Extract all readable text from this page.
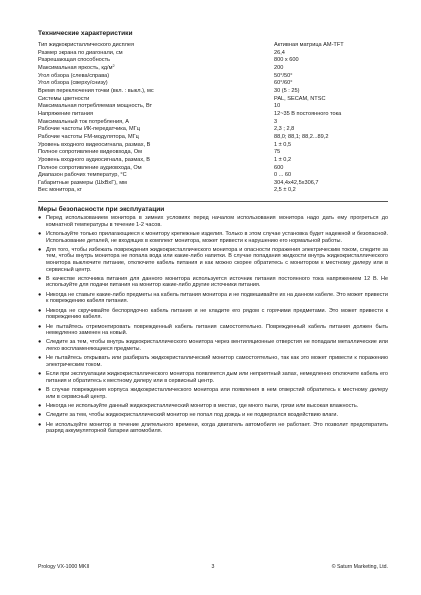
Технические характеристики

Тип жидкокристаллического дисплея	Активная матрица AM-TFT
Размер экрана по диагонали, см	26,4
Разрешающая способность	800 x 600
Максимальная яркость, $кд/м^2$	200
Угол обзора (слева/справа)	50°/50°
Угол обзора (сверху/снизу)	60°/60°
Время переключения точки (вкл. : выкл.), мс	30 (5 : 25)
Системы цветности	PAL, SECAM, NTSC
Максимальная потребляемая мощность, Вт	10
Напряжение питания	12~35 В постоянного тока
Максимальный ток потребления, А	3
Рабочие частоты ИК-передатчика, МГц	2,3 ; 2,8
Рабочие частоты FM-модулятора, МГц	88,0; 88,1; 88,2...89,2
Уровень входного видеосигнала, размах, В	1 ± 0,5
Полное сопротивление видеовхода, Ом	75
Уровень входного аудиосигнала, размах, В	1 ± 0,2
Полное сопротивление аудиовхода, Ом	600
Диапазон рабочих температур, °С	0 ... 60
Габаритные размеры (ШхВхГ), мм	304,4x42,5x306,7
Вес монитора, кг	2,5 ± 0,2

Меры безопасности при эксплуатации

● Перед использованием монитора в зимних условиях перед началом использования монитора надо дать ему прогреться до комнатной температуры в течение 1-2 часов.
● Используйте только прилагающиеся к монитору крепежные изделия. Только в этом случае установка будет надежной и безопасной. Использование деталей, не входящих в комплект монитора, может привести к нарушению его нормальной работы.
● Для того, чтобы избежать повреждения жидкокристаллического монитора и опасности поражения электрическим током, следите за тем, чтобы внутрь монитора не попала вода или какие-либо напитки. В случае попадания жидкости внутрь жидкокристаллического монитора выключите питание, отключите кабель питания и как можно скорее обратитесь с монитором к местному дилеру или в сервисный центр.
● В качестве источника питания для данного монитора используется источник питания постоянного тока напряжением 12 В. Не используйте для подачи питания на монитор какие-либо другие источники питания.
● Никогда не ставьте какие-либо предметы на кабель питания монитора и не подвешивайте их на данном кабеле. Это может привести к повреждению кабеля питания.
● Никогда не скручивайте беспорядочно кабель питания и не кладите его рядом с горячими предметами. Это может привести к повреждению кабеля.
● Не пытайтесь отремонтировать поврежденный кабель питания самостоятельно. Поврежденный кабель питания должен быть немедленно заменен на новый.
● Следите за тем, чтобы внутрь жидкокристаллического монитора через вентиляционные отверстия не попадали металлические или легко воспламеняющиеся предметы.
● Не пытайтесь открывать или разбирать жидкокристаллический монитор самостоятельно, так как это может привести к поражению электрическим током.
● Если при эксплуатации жидкокристаллического монитора появляется дым или неприятный запах, немедленно отключите кабель его питания и обратитесь к местному дилеру или в сервисный центр.
● В случае повреждения корпуса жидкокристаллического монитора или появления в нем отверстий обратитесь к местному дилеру или в сервисный центр.
● Никогда не используйте данный жидкокристаллический монитор в местах, где много пыли, грязи или высокая влажность.
● Следите за тем, чтобы жидкокристаллический монитор не попал под дождь и не подвергался воздействию влаги.
● Не используйте монитор в течение длительного времени, когда двигатель автомобиля не работает. Это позволит предотвратить разряд аккумуляторной батареи автомобиля.
Prology VX-1000 MKII	3	© Saturn Marketing, Ltd.
